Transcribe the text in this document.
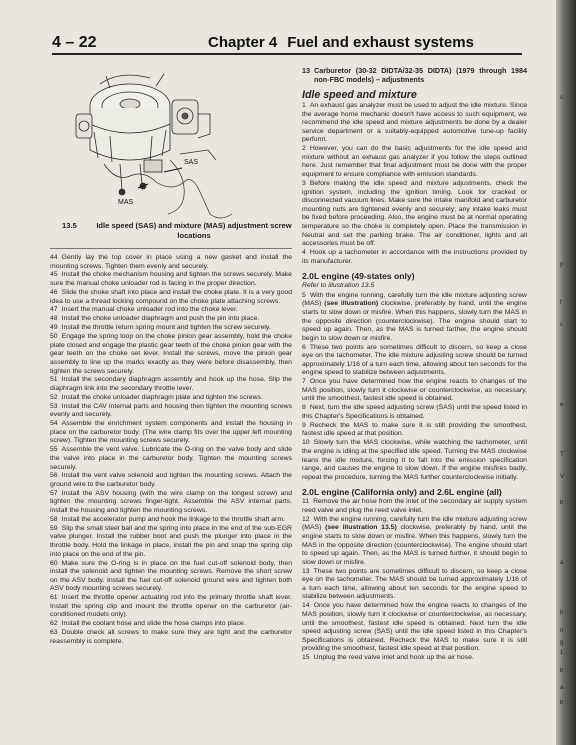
4 – 22	Chapter 4 Fuel and exhaust systems
SAS
MAS
13.5	Idle speed (SAS) and mixture (MAS) adjustment screw locations

44 Gently lay the top cover in place using a new gasket and install the mounting screws. Tighten them evenly and securely.

45 Install the choke mechanism housing and tighten the screws securely. Make sure the manual choke unloader rod is facing in the proper direction.

46 Slide the choke shaft into place and install the choke plate. It is a very good idea to use a thread locking compound on the choke plate attaching screws.

47 Insert the manual choke unloader rod into the choke lever.

48 Install the choke unloader diaphragm and push the pin into place.

49 Install the throttle return spring mount and tighten the screw securely.

50 Engage the spring loop on the choke pinion gear assembly, hold the choke plate closed and engage the plastic gear teeth of the choke pinion gear with the gear teeth on the choke set lever. Install the screws, move the pinion gear assembly to line up the marks exactly as they were before disassembly, then tighten the screws securely.

51 Install the secondary diaphragm assembly and hook up the hose. Slip the diaphragm link into the secondary throttle lever.

52 Install the choke unloader diaphragm plate and tighten the screws.

53 Install the CAV internal parts and housing then tighten the mounting screws evenly and securely.

54 Assemble the enrichment system components and install the housing in place on the carburetor body. (The wire clamp fits over the upper left mounting screw). Tighten the mounting screws securely.

55 Assemble the vent valve. Lubricate the O-ring on the valve body and slide the valve into place in the carburetor body. Tighten the mounting screws securely.

56 Install the vent valve solenoid and tighten the mounting screws. Attach the ground wire to the carburetor body.

57 Install the ASV housing (with the wire clamp on the longest screw) and tighten the mounting screws finger-tight. Assemble the ASV internal parts, install the housing and tighten the mounting screws.

58 Install the accelerator pump and hook the linkage to the throttle shaft arm.

59 Slip the small steel ball and the spring into place in the end of the sub-EGR valve plunger. Install the rubber boot and push the plunger into place in the throttle body. Hold the linkage in place, install the pin and snap the spring clip into place on the end of the pin.

60 Make sure the O-ring is in place on the fuel cut-off solenoid body, then install the solenoid and tighten the mounting screws. Remove the short screw on the ASV body. Install the fuel cut-off solenoid ground wire and tighten both ASV body mounting screws securely.

61 Insert the throttle opener actuating rod into the primary throttle shaft lever. Install the spring clip and mount the throttle opener on the carburetor (air-conditioned models only).

62 Install the coolant hose and slide the hose clamps into place.

63 Double check all screws to make sure they are tight and the carburetor reassembly is complete.

13 Carburetor (30-32 DIDTA/32-35 DIDTA) (1979 through 1984 non-FBC models) – adjustments
Idle speed and mixture

1 An exhaust gas analyzer must be used to adjust the idle mixture. Since the average home mechanic doesn't have access to such equipment, we recommend the idle speed and mixture adjustments be done by a dealer service department or a suitably-equipped automotive tune-up facility perform.

2 However, you can do the basic adjustments for the idle speed and mixture without an exhaust gas analyzer if you follow the steps outlined here. Just remember that final adjustment must be done with the proper equipment to ensure compliance with emission standards.

3 Before making the idle speed and mixture adjustments, check the ignition system, including the ignition timing. Look for cracked or disconnected vacuum lines. Make sure the intake manifold and carburetor mounting nuts are tightened evenly and securely; any intake leaks must be fixed before proceeding. Also, the engine must be at normal operating temperature so the choke is completely open. Place the transmission in Neutral and set the parking brake. The air conditioner, lights and all accessories must be off.

4 Hook up a tachometer in accordance with the instructions provided by its manufacturer.

2.0L engine (49-states only)
Refer to illustration 13.5

5 With the engine running, carefully turn the idle mixture adjusting screw (MAS) (see illustration) clockwise, preferably by hand, until the engine starts to slow down or misfire. When this happens, slowly turn the MAS in the opposite direction (counterclockwise). The engine should start to speed up again. Then, as the MAS is turned farther, the engine should begin to slow down or misfire.

6 These two points are sometimes difficult to discern, so keep a close eye on the tachometer. The idle mixture adjusting screw should be turned approximately 1/16 of a turn each time, allowing about ten seconds for the engine speed to stabilize between adjustments.

7 Once you have determined how the engine reacts to changes of the MAS position, slowly turn it clockwise or counterclockwise, as necessary, until the smoothest, fastest idle speed is obtained.

8 Next, turn the idle speed adjusting screw (SAS) until the speed listed in this Chapter's Specifications is obtained.

9 Recheck the MAS to make sure it is still providing the smoothest, fastest idle speed at that position.

10 Slowly turn the MAS clockwise, while watching the tachometer, until the engine is idling at the specified idle speed. Turning the MAS clockwise leans the idle mixture, forcing it to fall into the emission specification range, and causes the engine to slow down. If the engine misfires badly, repeat the procedure, turning the MAS further counterclockwise initially.

2.0L engine (California only) and 2.6L engine (all)

11 Remove the air hose from the inlet of the secondary air supply system reed valve and plug the reed valve inlet.

12 With the engine running, carefully turn the idle mixture adjusting screw (MAS) (see illustration 13.5) clockwise, preferably by hand, until the engine starts to slow down or misfire. When this happens, slowly turn the MAS in the opposite direction (counterclockwise). The engine should start to speed up again. Then, as the MAS is turned further, it should begin to slow down or misfire.

13 These two points are sometimes difficult to discern, so keep a close eye on the tachometer. The MAS should be turned approximately 1/16 of a turn each time, allowing about ten seconds for the engine speed to stabilize between adjustments.

14 Once you have determined how the engine reacts to changes of the MAS position, slowly turn it clockwise or counterclockwise, as necessary, until the smoothest, fastest idle speed is obtained. Next turn the idle speed adjusting screw (SAS) until the idle speed listed in this Chapter's Specifications is obtained. Recheck the MAS to make sure it is still providing the smoothest, fastest idle speed at that position.

15 Unplug the reed valve inlet and hook up the air hose.

s
p
f
c
e
T
V
b
a
b
n
g
1
b
a
b
